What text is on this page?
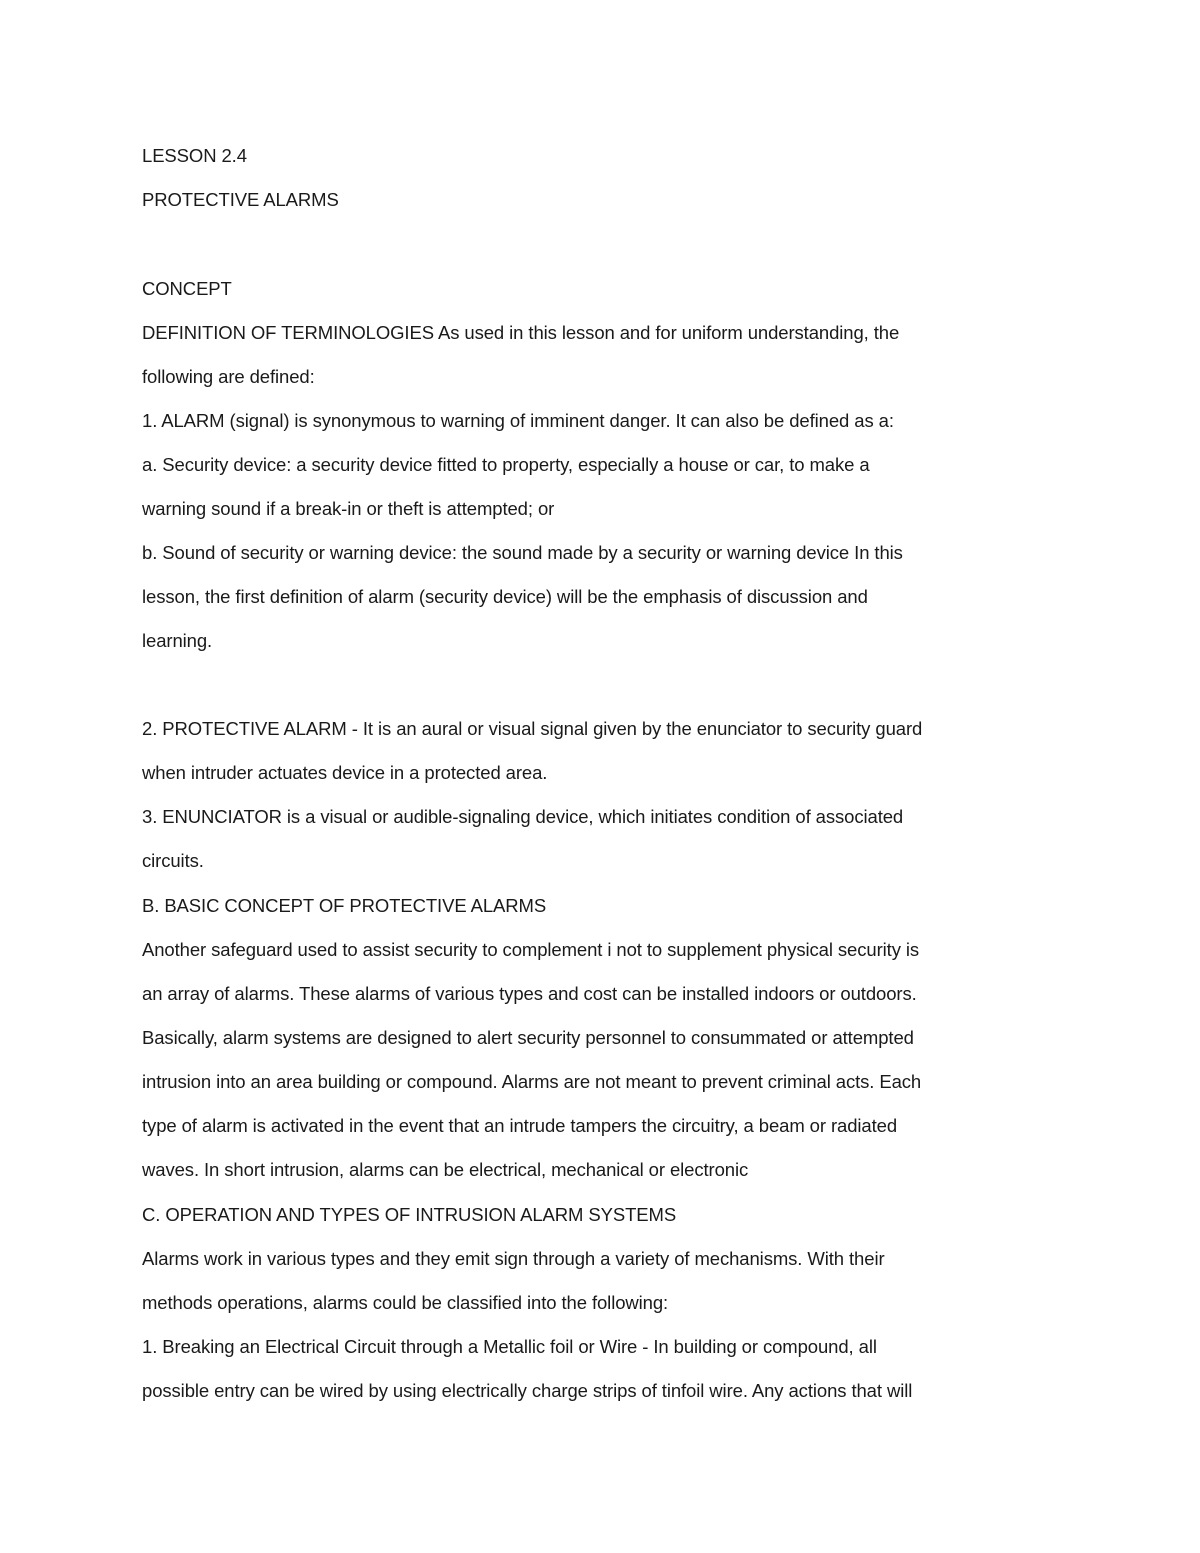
LESSON 2.4
PROTECTIVE ALARMS
CONCEPT
DEFINITION OF TERMINOLOGIES As used in this lesson and for uniform understanding, the
following are defined:
1. ALARM (signal) is synonymous to warning of imminent danger. It can also be defined as a:
a. Security device: a security device fitted to property, especially a house or car, to make a
warning sound if a break-in or theft is attempted; or
b. Sound of security or warning device: the sound made by a security or warning device In this
lesson, the first definition of alarm (security device) will be the emphasis of discussion and
learning.
2. PROTECTIVE ALARM - It is an aural or visual signal given by the enunciator to security guard
when intruder actuates device in a protected area.
3. ENUNCIATOR is a visual or audible-signaling device, which initiates condition of associated
circuits.
B. BASIC CONCEPT OF PROTECTIVE ALARMS
Another safeguard used to assist security to complement i not to supplement physical security is
an array of alarms. These alarms of various types and cost can be installed indoors or outdoors.
Basically, alarm systems are designed to alert security personnel to consummated or attempted
intrusion into an area building or compound. Alarms are not meant to prevent criminal acts. Each
type of alarm is activated in the event that an intrude tampers the circuitry, a beam or radiated
waves. In short intrusion, alarms can be electrical, mechanical or electronic
C. OPERATION AND TYPES OF INTRUSION ALARM SYSTEMS
Alarms work in various types and they emit sign through a variety of mechanisms. With their
methods operations, alarms could be classified into the following:
1. Breaking an Electrical Circuit through a Metallic foil or Wire - In building or compound, all
possible entry can be wired by using electrically charge strips of tinfoil wire. Any actions that will
